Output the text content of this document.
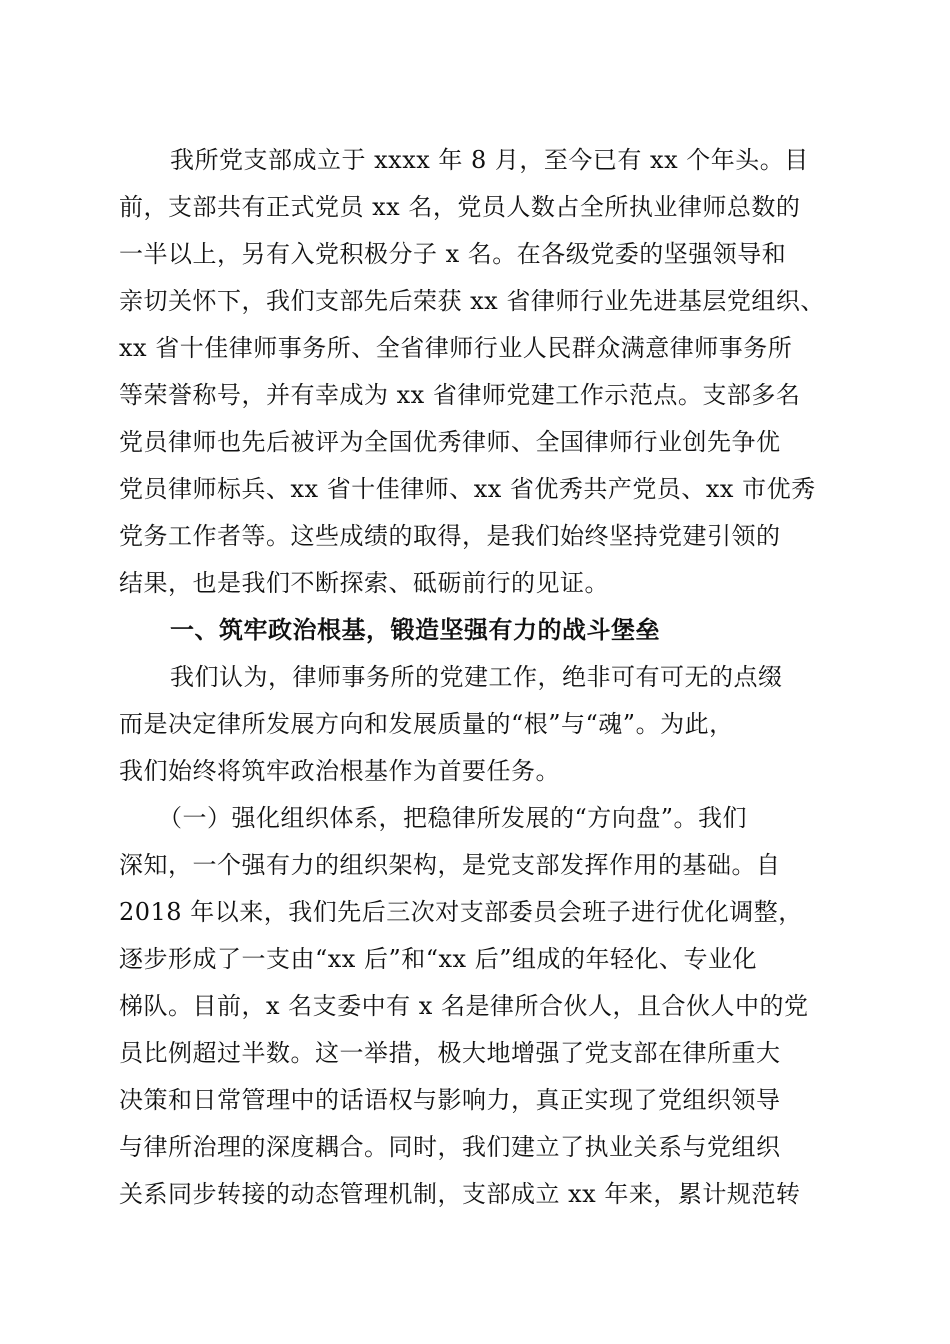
我所党支部成立于 xxxx 年 8 月，至今已有 xx 个年头。目
前，支部共有正式党员 xx 名，党员人数占全所执业律师总数的
一半以上，另有入党积极分子 x 名。在各级党委的坚强领导和
亲切关怀下，我们支部先后荣获 xx 省律师行业先进基层党组织、
xx 省十佳律师事务所、全省律师行业人民群众满意律师事务所
等荣誉称号，并有幸成为 xx 省律师党建工作示范点。支部多名
党员律师也先后被评为全国优秀律师、全国律师行业创先争优
党员律师标兵、xx 省十佳律师、xx 省优秀共产党员、xx 市优秀
党务工作者等。这些成绩的取得，是我们始终坚持党建引领的
结果，也是我们不断探索、砥砺前行的见证。
一、筑牢政治根基，锻造坚强有力的战斗堡垒
我们认为，律师事务所的党建工作，绝非可有可无的点缀
而是决定律所发展方向和发展质量的“根”与“魂”。为此，
我们始终将筑牢政治根基作为首要任务。
（一）强化组织体系，把稳律所发展的“方向盘”。我们
深知，一个强有力的组织架构，是党支部发挥作用的基础。自
2018 年以来，我们先后三次对支部委员会班子进行优化调整，
逐步形成了一支由“xx 后”和“xx 后”组成的年轻化、专业化
梯队。目前，x 名支委中有 x 名是律所合伙人，且合伙人中的党
员比例超过半数。这一举措，极大地增强了党支部在律所重大
决策和日常管理中的话语权与影响力，真正实现了党组织领导
与律所治理的深度耦合。同时，我们建立了执业关系与党组织
关系同步转接的动态管理机制，支部成立 xx 年来，累计规范转
